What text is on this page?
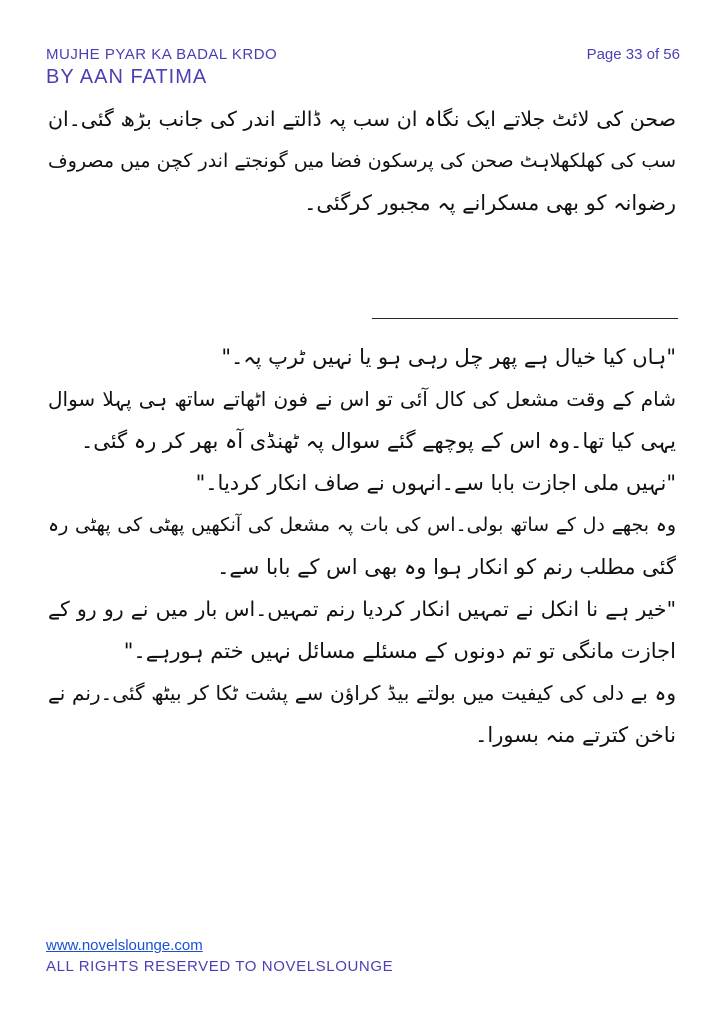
MUJHE PYAR KA BADAL KRDO

BY AAN FATIMA

Page 33 of 56

صحن کی لائٹ جلاتے ایک نگاہ ان سب پہ ڈالتے اندر کی جانب بڑھ گئی۔ان

سب کی کھلکھلاہٹ صحن کی پرسکون فضا میں گونجتے اندر کچن میں مصروف

رضوانہ کو بھی مسکرانے پہ مجبور کرگئی۔

"ہاں کیا خیال ہے پھر چل رہی ہو یا نہیں ٹرپ پہ۔"

شام کے وقت مشعل کی کال آئی تو اس نے فون اٹھاتے ساتھ ہی پہلا سوال

یہی کیا تھا۔وہ اس کے پوچھے گئے سوال پہ ٹھنڈی آہ بھر کر رہ گئی۔

"نہیں ملی اجازت بابا سے۔انہوں نے صاف انکار کردیا۔"

وہ بجھے دل کے ساتھ بولی۔اس کی بات پہ مشعل کی آنکھیں پھٹی کی پھٹی رہ

گئی مطلب رنم کو انکار ہوا وہ بھی اس کے بابا سے۔

"خیر ہے نا انکل نے تمہیں انکار کردیا رنم تمہیں۔اس بار میں نے رو رو کے

اجازت مانگی تو تم دونوں کے مسئلے مسائل نہیں ختم ہورہے۔"

وہ بے دلی کی کیفیت میں بولتے بیڈ کراؤن سے پشت ٹکا کر بیٹھ گئی۔رنم نے

ناخن کترتے منہ بسورا۔

www.novelslounge.com

ALL RIGHTS RESERVED TO NOVELSLOUNGE
